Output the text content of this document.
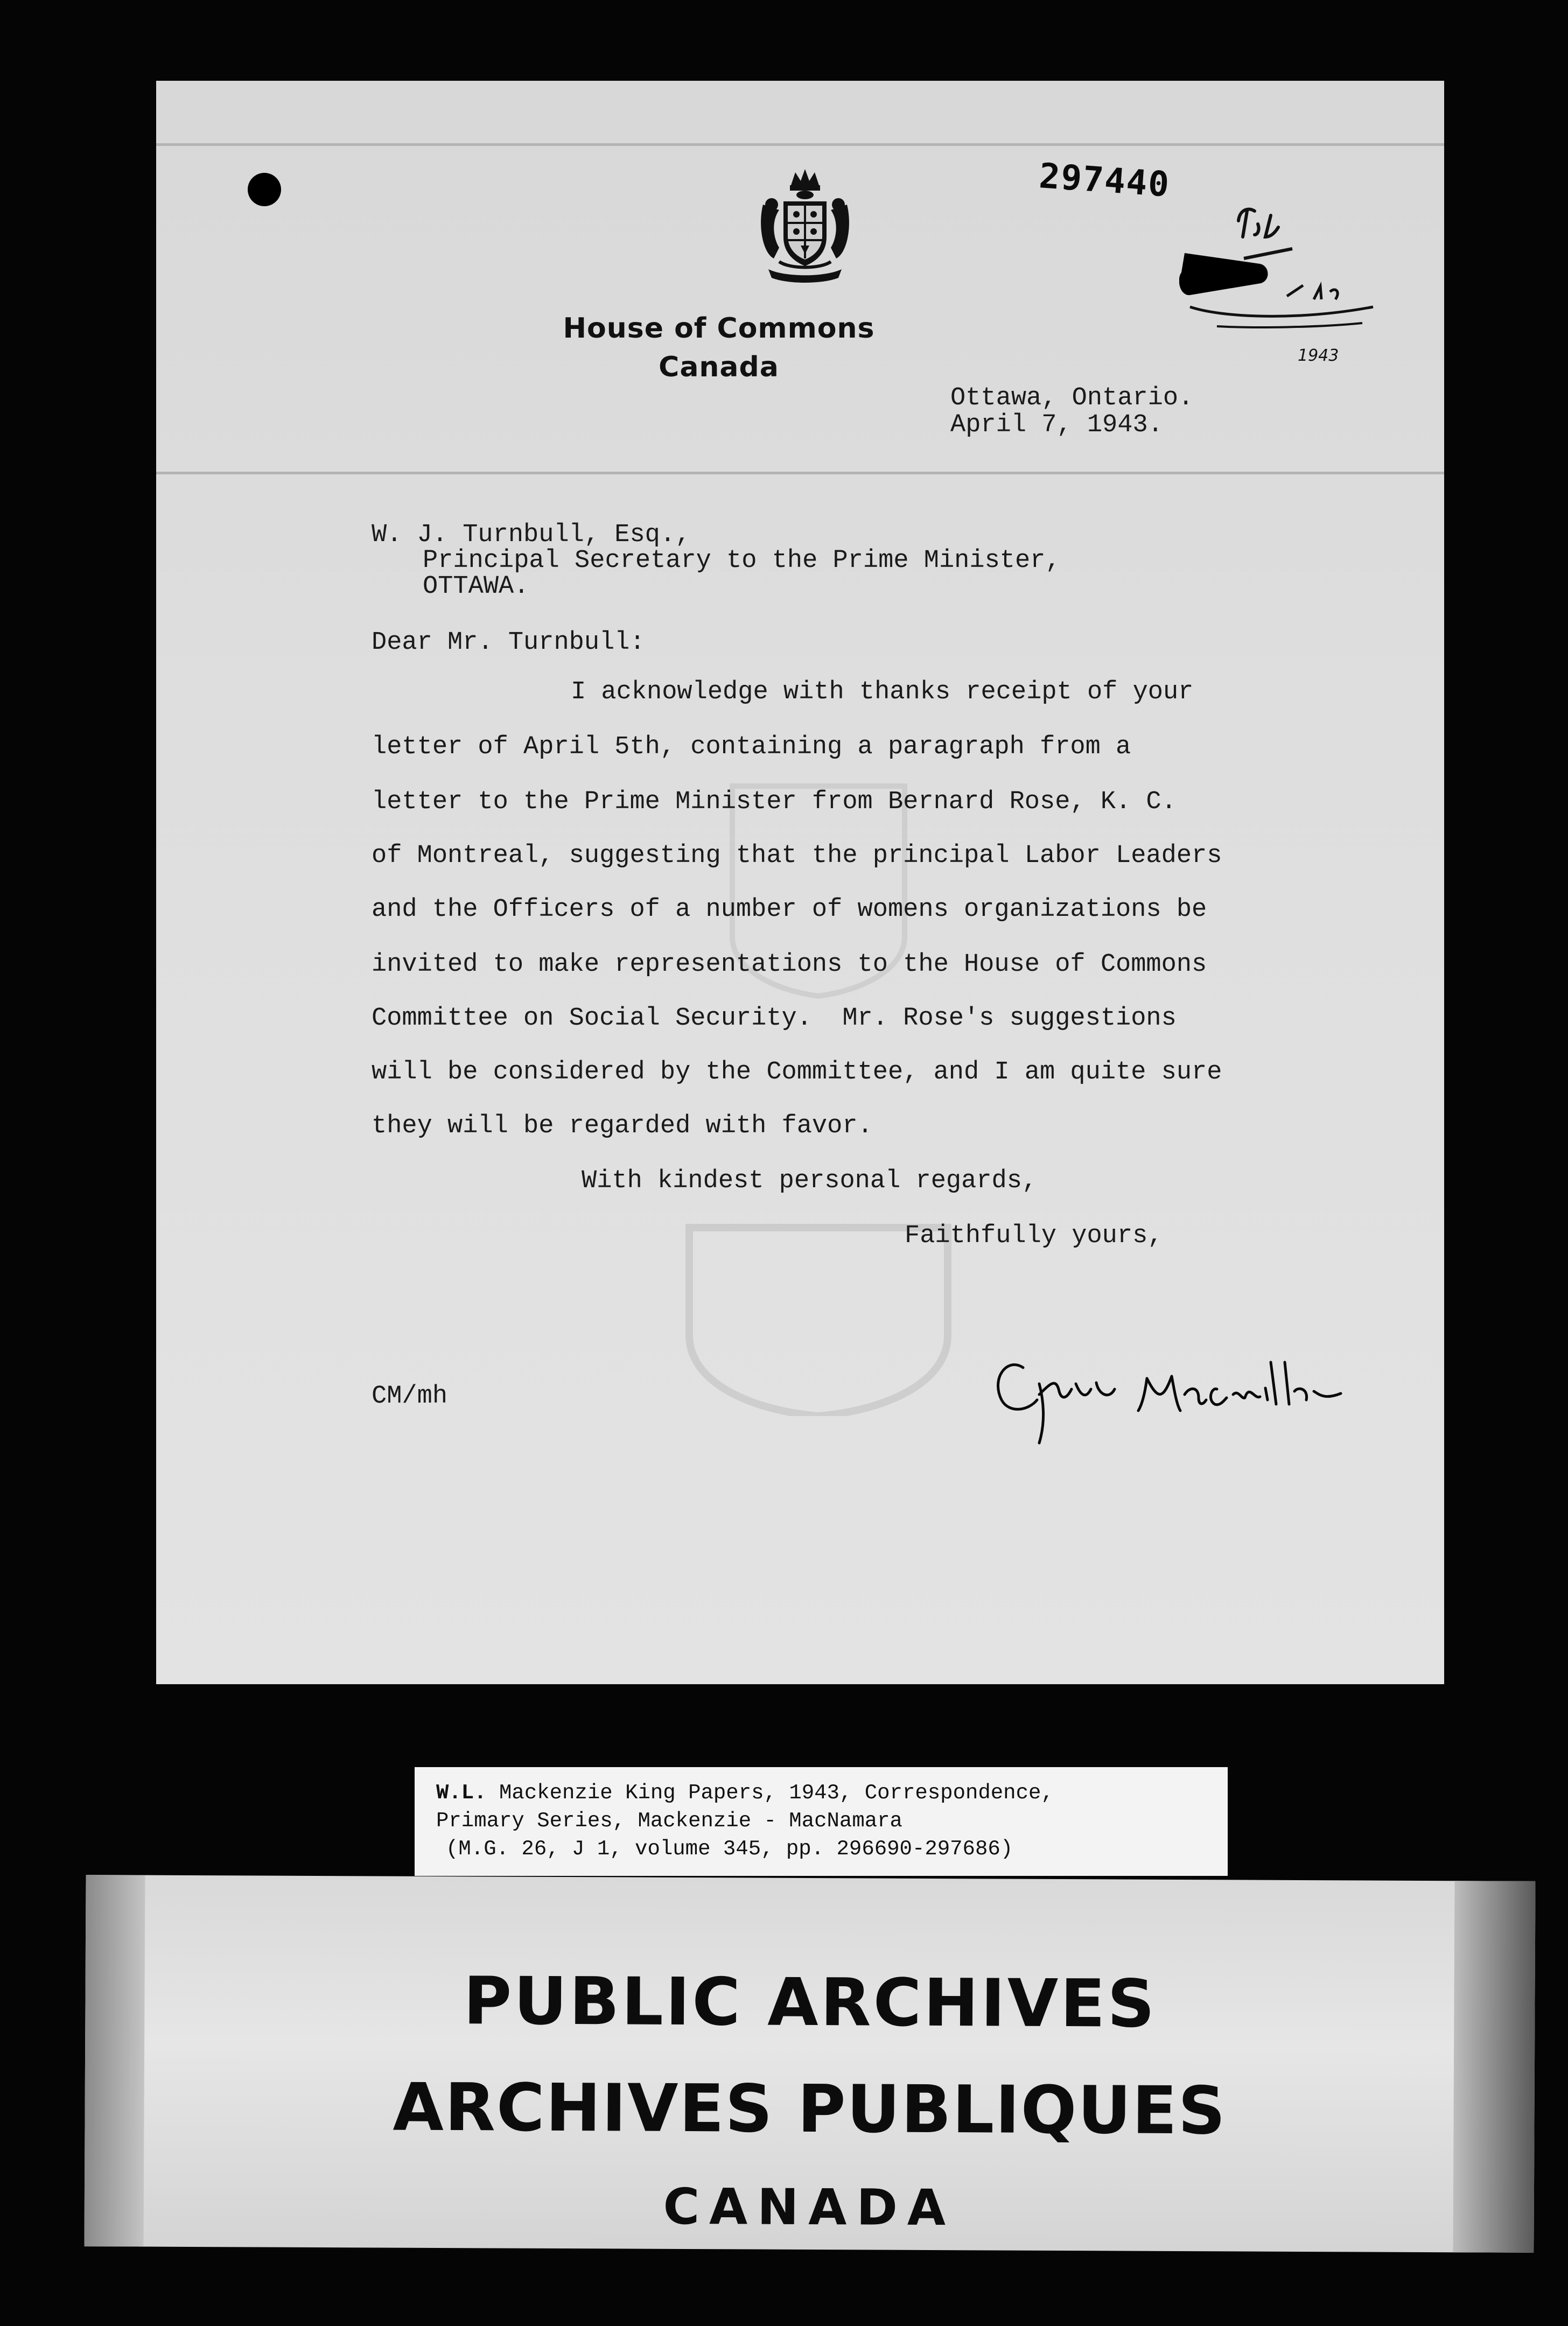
297440
1943
House of Commons
Canada
Ottawa, Ontario.
April 7, 1943.
W. J. Turnbull, Esq.,
Principal Secretary to the Prime Minister,
OTTAWA.
Dear Mr. Turnbull:
I acknowledge with thanks receipt of your
letter of April 5th, containing a paragraph from a
letter to the Prime Minister from Bernard Rose, K. C.
of Montreal, suggesting that the principal Labor Leaders
and the Officers of a number of womens organizations be
invited to make representations to the House of Commons
Committee on Social Security.  Mr. Rose's suggestions
will be considered by the Committee, and I am quite sure
they will be regarded with favor.
With kindest personal regards,
Faithfully yours,
CM/mh

W.L. Mackenzie King Papers, 1943, Correspondence,

Primary Series, Mackenzie - MacNamara

(M.G. 26, J 1, volume 345, pp. 296690-297686)

PUBLIC ARCHIVES
ARCHIVES PUBLIQUES
CANADA
